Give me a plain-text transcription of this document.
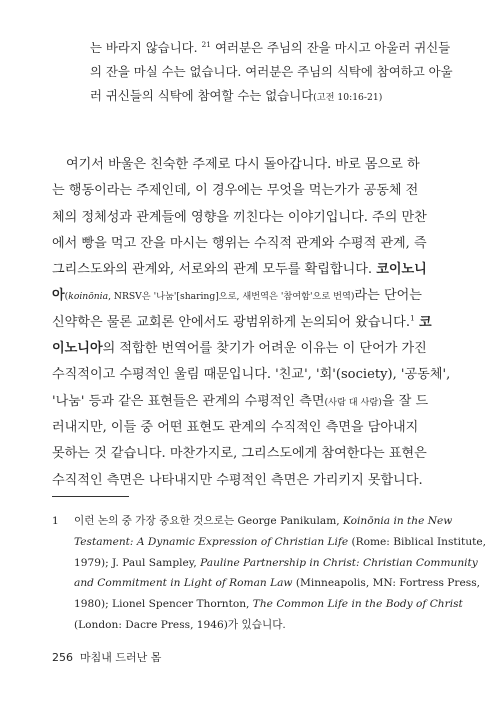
는 바라지 않습니다. $^{21}$ 여러분은 주님의 잔을 마시고 아울러 귀신들
의 잔을 마실 수는 없습니다. 여러분은 주님의 식탁에 참여하고 아울
러 귀신들의 식탁에 참여할 수는 없습니다(고전 10:16-21)
여기서 바울은 친숙한 주제로 다시 돌아갑니다. 바로 몸으로 하
는 행동이라는 주제인데, 이 경우에는 무엇을 먹는가가 공동체 전
체의 정체성과 관계들에 영향을 끼친다는 이야기입니다. 주의 만찬
에서 빵을 먹고 잔을 마시는 행위는 수직적 관계와 수평적 관계, 즉
그리스도와의 관계와, 서로와의 관계 모두를 확립합니다. 코이노니
아(koinōnia, NRSV은 '나눔'[sharing]으로, 새번역은 '참여함'으로 번역)라는 단어는
신약학은 물론 교회론 안에서도 광범위하게 논의되어 왔습니다.$^1$ 코
이노니아의 적합한 번역어를 찾기가 어려운 이유는 이 단어가 가진
수직적이고 수평적인 울림 때문입니다. '친교', '회'(society), '공동체',
'나눔' 등과 같은 표현들은 관계의 수평적인 측면(사람 대 사람)을 잘 드
러내지만, 이들 중 어떤 표현도 관계의 수직적인 측면을 담아내지
못하는 것 같습니다. 마찬가지로, 그리스도에게 참여한다는 표현은
수직적인 측면은 나타내지만 수평적인 측면은 가리키지 못합니다.
1 이런 논의 중 가장 중요한 것으로는 George Panikulam, Koinōnia in the New
Testament: A Dynamic Expression of Christian Life (Rome: Biblical Institute,
1979); J. Paul Sampley, Pauline Partnership in Christ: Christian Community
and Commitment in Light of Roman Law (Minneapolis, MN: Fortress Press,
1980); Lionel Spencer Thornton, The Common Life in the Body of Christ
(London: Dacre Press, 1946)가 있습니다.
256 마침내 드러난 몸
